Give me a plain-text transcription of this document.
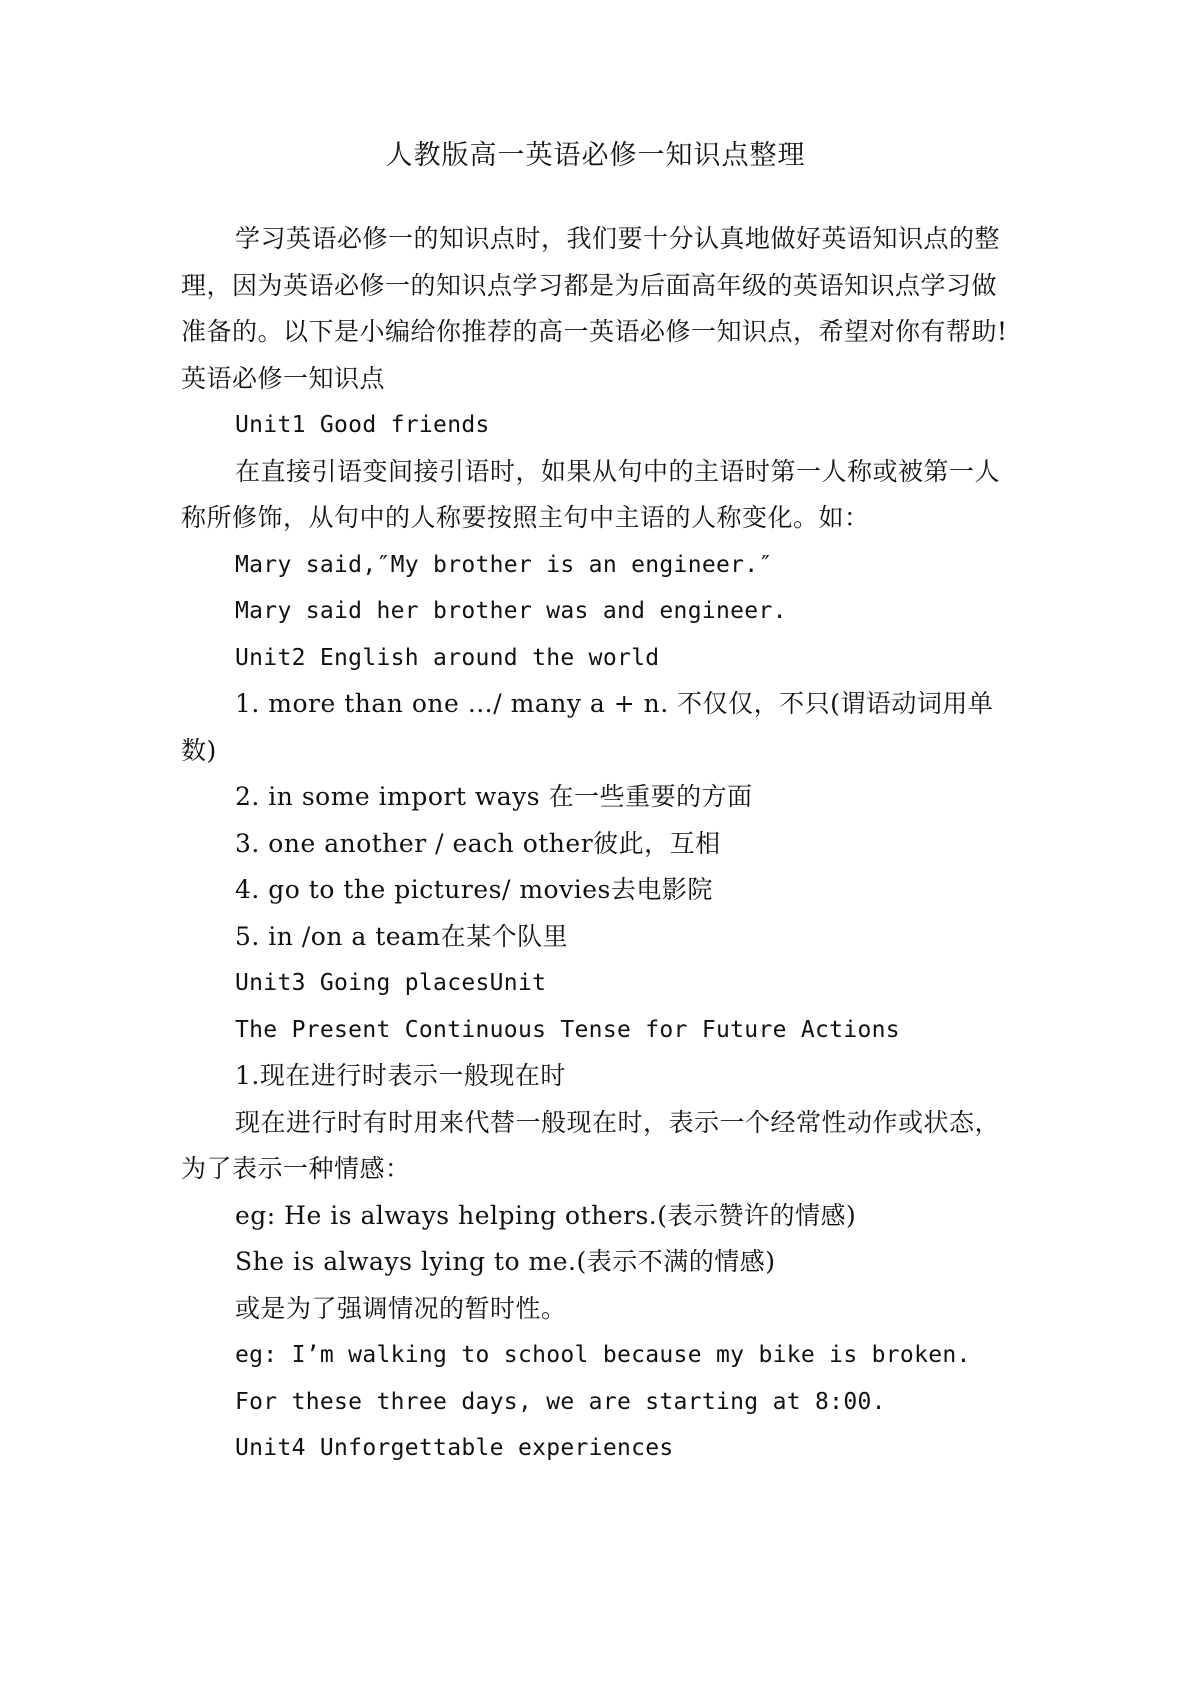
人教版高一英语必修一知识点整理

学习英语必修一的知识点时，我们要十分认真地做好英语知识点的整理，因为英语必修一的知识点学习都是为后面高年级的英语知识点学习做准备的。以下是小编给你推荐的高一英语必修一知识点，希望对你有帮助!

英语必修一知识点

Unit1 Good friends

在直接引语变间接引语时，如果从句中的主语时第一人称或被第一人称所修饰，从句中的人称要按照主句中主语的人称变化。如：

Mary said,″My brother is an engineer.″

Mary said her brother was and engineer.

Unit2 English around the world

1. more than one …/ many a + n. 不仅仅，不只(谓语动词用单数)

2. in some import ways 在一些重要的方面

3. one another / each other彼此，互相

4. go to the pictures/ movies去电影院

5. in /on a team在某个队里

Unit3 Going placesUnit

The Present Continuous Tense for Future Actions

1.现在进行时表示一般现在时

现在进行时有时用来代替一般现在时，表示一个经常性动作或状态，为了表示一种情感：

eg: He is always helping others.(表示赞许的情感)

She is always lying to me.(表示不满的情感)

或是为了强调情况的暂时性。

eg: I’m walking to school because my bike is broken.

For these three days, we are starting at 8:00.

Unit4 Unforgettable experiences
